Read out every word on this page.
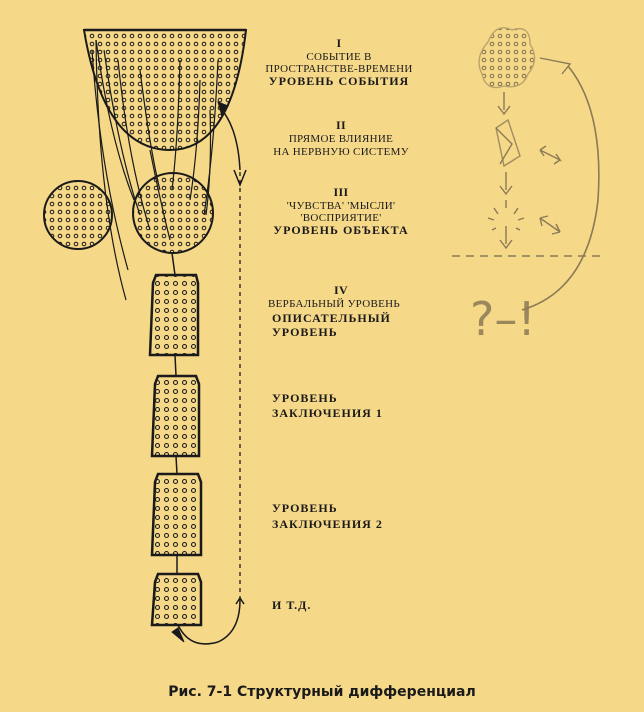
?–!
I
СОБЫТИЕ В
ПРОСТРАНСТВЕ-ВРЕМЕНИ
УРОВЕНЬ СОБЫТИЯ
II
ПРЯМОЕ ВЛИЯНИЕ
НА НЕРВНУЮ СИСТЕМУ
III
'ЧУВСТВА' 'МЫСЛИ'
'ВОСПРИЯТИЕ'
УРОВЕНЬ ОБЪЕКТА
IV
ВЕРБАЛЬНЫЙ УРОВЕНЬ
ОПИСАТЕЛЬНЫЙ
УРОВЕНЬ
УРОВЕНЬ
ЗАКЛЮЧЕНИЯ 1
УРОВЕНЬ
ЗАКЛЮЧЕНИЯ 2
И Т.Д.
Рис. 7-1 Структурный дифференциал
